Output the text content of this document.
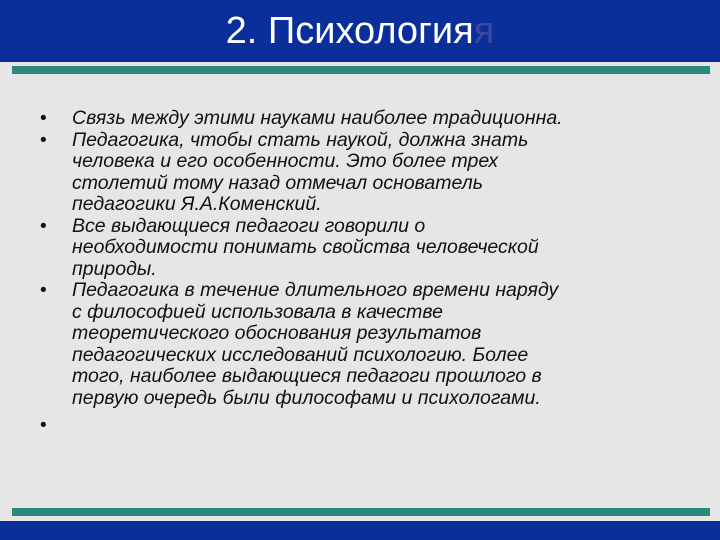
2. Психологияя
• Связь между этими науками наиболее традиционна.
• Педагогика, чтобы стать наукой, должна знать
человека и его особенности. Это более трех
столетий тому назад отмечал основатель
педагогики Я.А.Коменский.
• Все выдающиеся педагоги говорили о
необходимости понимать свойства человеческой
природы.
• Педагогика в течение длительного времени наряду
с философией использовала в качестве
теоретического обоснования результатов
педагогических исследований психологию. Более
того, наиболее выдающиеся педагоги прошлого в
первую очередь были философами и психологами.
•
